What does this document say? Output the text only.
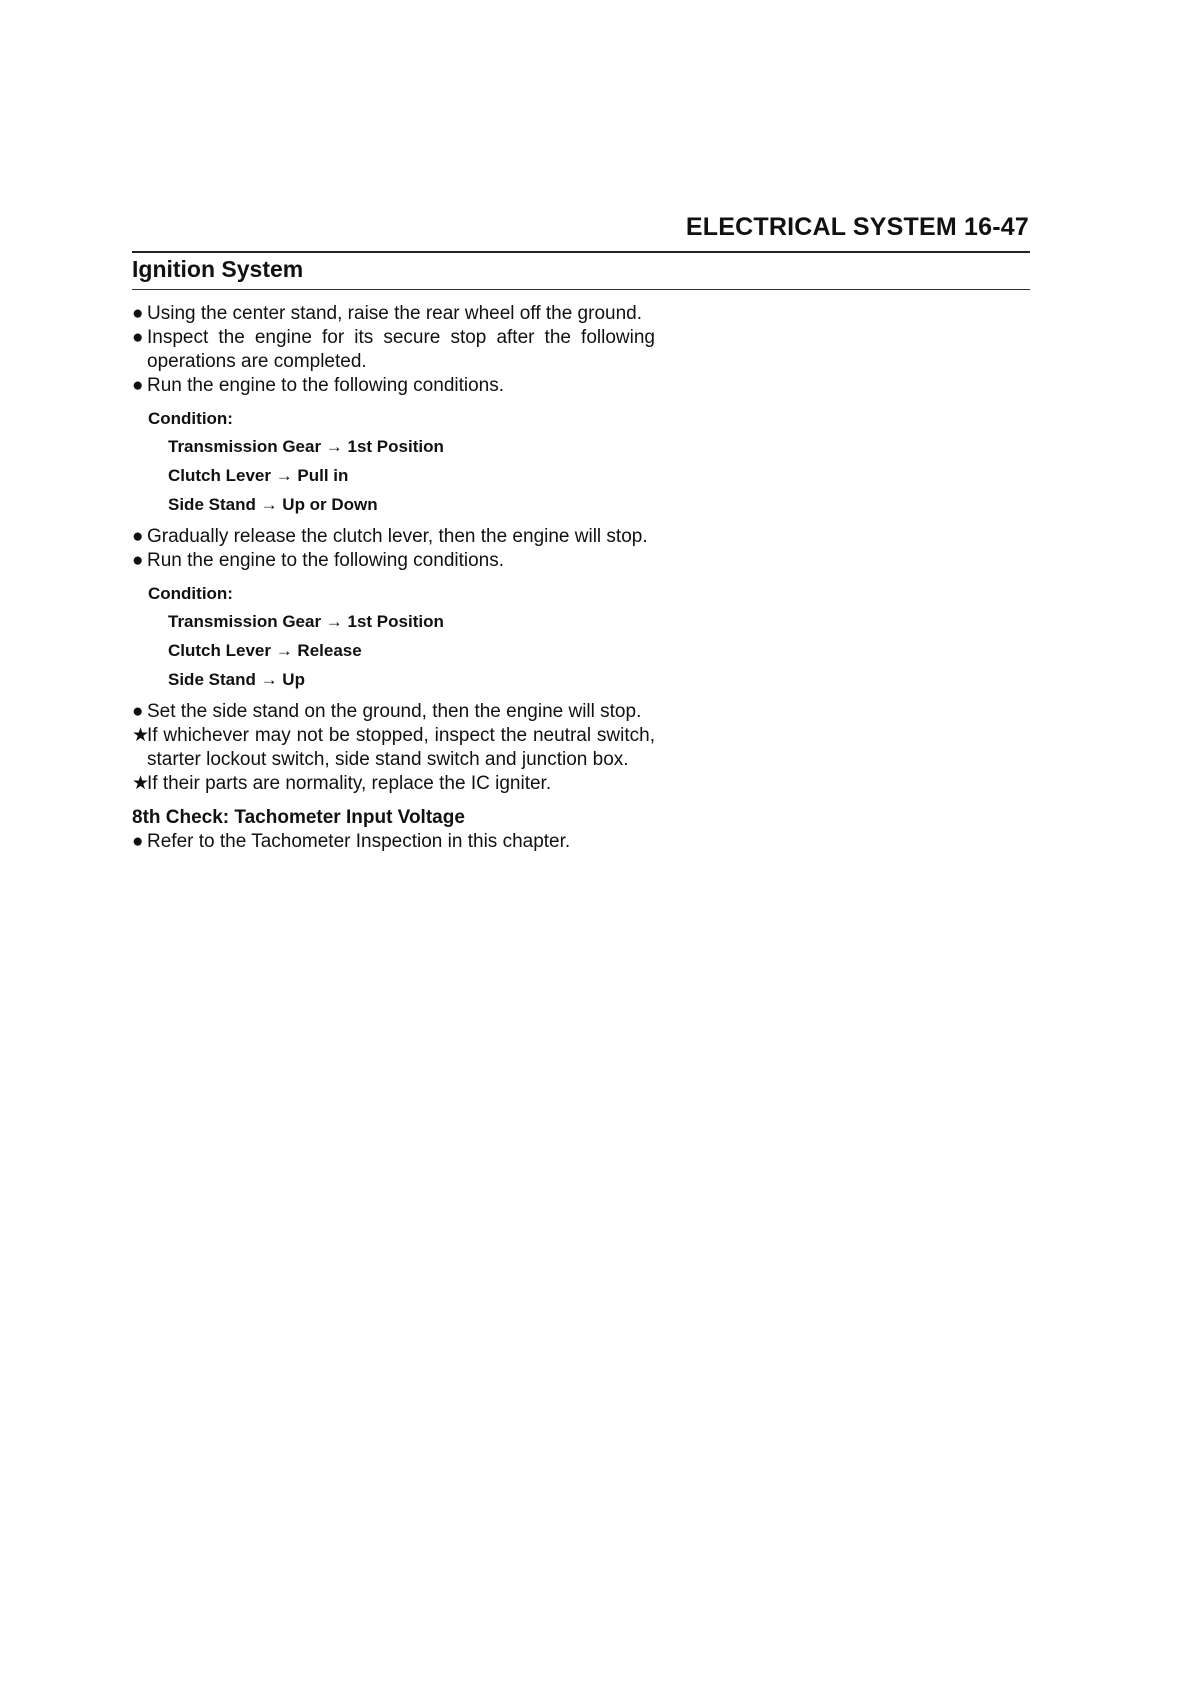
ELECTRICAL SYSTEM 16-47
Ignition System
● Using the center stand, raise the rear wheel off the ground.
● Inspect the engine for its secure stop after the following operations are completed.
● Run the engine to the following conditions.
Condition:
Transmission Gear → 1st Position
Clutch Lever → Pull in
Side Stand → Up or Down
● Gradually release the clutch lever, then the engine will stop.
● Run the engine to the following conditions.
Condition:
Transmission Gear → 1st Position
Clutch Lever → Release
Side Stand → Up
● Set the side stand on the ground, then the engine will stop.
★
If whichever may not be stopped, inspect the neutral switch, starter lockout switch, side stand switch and junction box.
★
If their parts are normality, replace the IC igniter.
8th Check: Tachometer Input Voltage
● Refer to the Tachometer Inspection in this chapter.
